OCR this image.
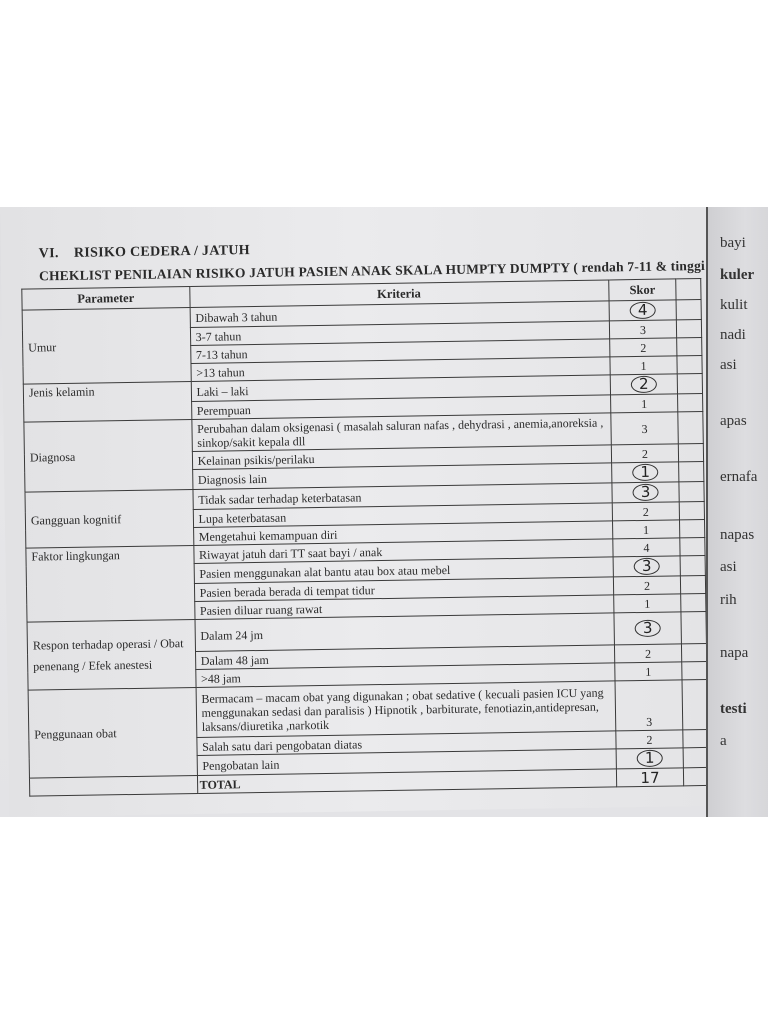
VI. RISIKO CEDERA / JATUH
CHEKLIST PENILAIAN RISIKO JATUH PASIEN ANAK SKALA HUMPTY DUMPTY ( rendah 7-11 & tinggi
Parameter	Kriteria	Skor	
Umur	Dibawah 3 tahun	4	
	3-7 tahun	3	
	7-13 tahun	2	
	>13 tahun	1	
Jenis kelamin	Laki – laki	2	
	Perempuan	1	
Diagnosa	Perubahan dalam oksigenasi ( masalah saluran nafas , dehydrasi , anemia,anoreksia , sinkop/sakit kepala dll	3	
	Kelainan psikis/perilaku	2	
	Diagnosis lain	1	
Gangguan kognitif	Tidak sadar terhadap keterbatasan	3	
	Lupa keterbatasan	2	
	Mengetahui kemampuan diri	1	
Faktor lingkungan	Riwayat jatuh dari TT saat bayi / anak	4	
	Pasien menggunakan alat bantu atau box atau mebel	3	
	Pasien berada berada di tempat tidur	2	
	Pasien diluar ruang rawat	1	
Respon terhadap operasi / Obat penenang / Efek anestesi	Dalam 24 jm	3	
	Dalam 48 jam	2	
	>48 jam	1	
Penggunaan obat	Bermacam – macam obat yang digunakan ; obat sedative ( kecuali pasien ICU yang menggunakan sedasi dan paralisis ) Hipnotik , barbiturate, fenotiazin,antidepresan, laksans/diuretika ,narkotik	3	
	Salah satu dari pengobatan diatas	2	
	Pengobatan lain	1	
	TOTAL	17	
bayi
kuler
kulit
nadi
asi
apas
ernafa
napas
asi
rih
napa
testi
a
